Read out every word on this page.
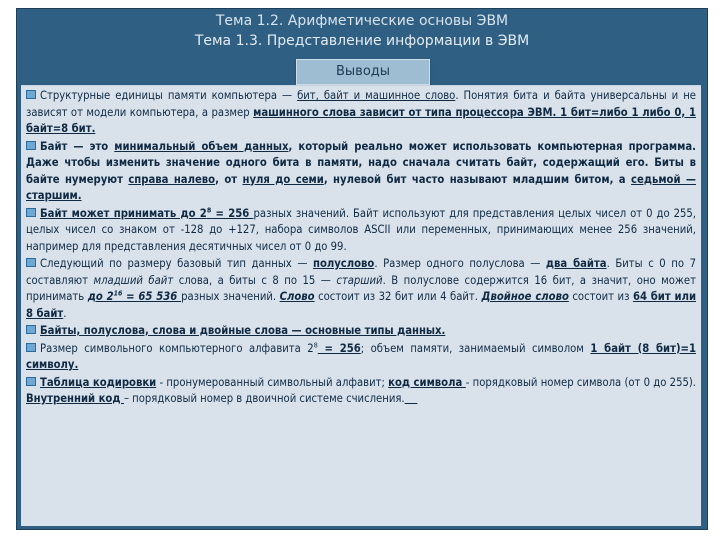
Тема 1.2. Арифметические основы ЭВМ
Тема 1.3. Представление информации в ЭВМ
Выводы

Структурные единицы памяти компьютера — бит, байт и машинное слово. Понятия бита и байта универсальны и не зависят от модели компьютера, а размер машинного слова зависит от типа процессора ЭВМ. 1 бит=либо 1 либо 0, 1 байт=8 бит.

Байт — это минимальный объем данных, который реально может использовать компьютерная программа. Даже чтобы изменить значение одного бита в памяти, надо сначала считать байт, содержащий его. Биты в байте нумеруют справа налево, от нуля до семи, нулевой бит часто называют младшим битом, а седьмой — старшим.

Байт может принимать до $2^8 = 256$ разных значений. Байт используют для представления целых чисел от 0 до 255, целых чисел со знаком от -128 до +127, набора символов ASCII или переменных, принимающих менее 256 значений, например для представления десятичных чисел от 0 до 99.

Следующий по размеру базовый тип данных — полуслово. Размер одного полуслова — два байта. Биты с 0 по 7 составляют младший байт слова, а биты с 8 по 15 — старший. В полуслове содержится 16 бит, а значит, оно может принимать до $2^{16} = 65$ 536 разных значений. Слово состоит из 32 бит или 4 байт. Двойное слово состоит из 64 бит или 8 байт.

Байты, полуслова, слова и двойные слова — основные типы данных.

Размер символьного компьютерного алфавита $2^8 = 256$; объем памяти, занимаемый символом 1 байт (8 бит)=1 символу.

Таблица кодировки - пронумерованный символьный алфавит; код символа - порядковый номер символа (от 0 до 255). Внутренний код – порядковый номер в двоичной системе счисления.
